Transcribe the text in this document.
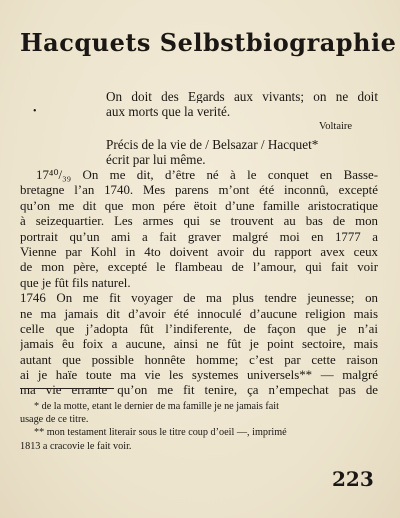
Hacquets Selbstbiographie
•
On doit des Egards aux vivants; on ne doit
aux morts que la verité.
Voltaire
Précis de la vie de / Belsazar / Hacquet*
écrit par lui même.
17⁴⁰/₃₉ On me dit, d’être né à le conquet en Basse-
bretagne l’an 1740. Mes parens m’ont été inconnû, excepté
qu’on me dit que mon pére ëtoit d’une famille aristocratique
à seizequartier. Les armes qui se trouvent au bas de mon
portrait qu’un ami a fait graver malgré moi en 1777 a
Vienne par Kohl in 4to doivent avoir du rapport avex ceux
de mon père, excepté le flambeau de l’amour, qui fait voir
que je fût fils naturel.
1746 On me fit voyager de ma plus tendre jeunesse; on
ne ma jamais dit d’avoir été innoculé d’aucune religion mais
celle que j’adopta fût l’indiferente, de façon que je n’ai
jamais êu foix a aucune, ainsi ne fût je point sectoire, mais
autant que possible honnête homme; c’est par cette raison
ai je haïe toute ma vie les systemes universels** — malgré
ma vie errante qu’on me fit tenire, ça n’empechat pas de
* de la motte, etant le dernier de ma famille je ne jamais fait
usage de ce titre.
** mon testament literair sous le titre coup d’oeil —, imprimé
1813 a cracovie le fait voir.
223
